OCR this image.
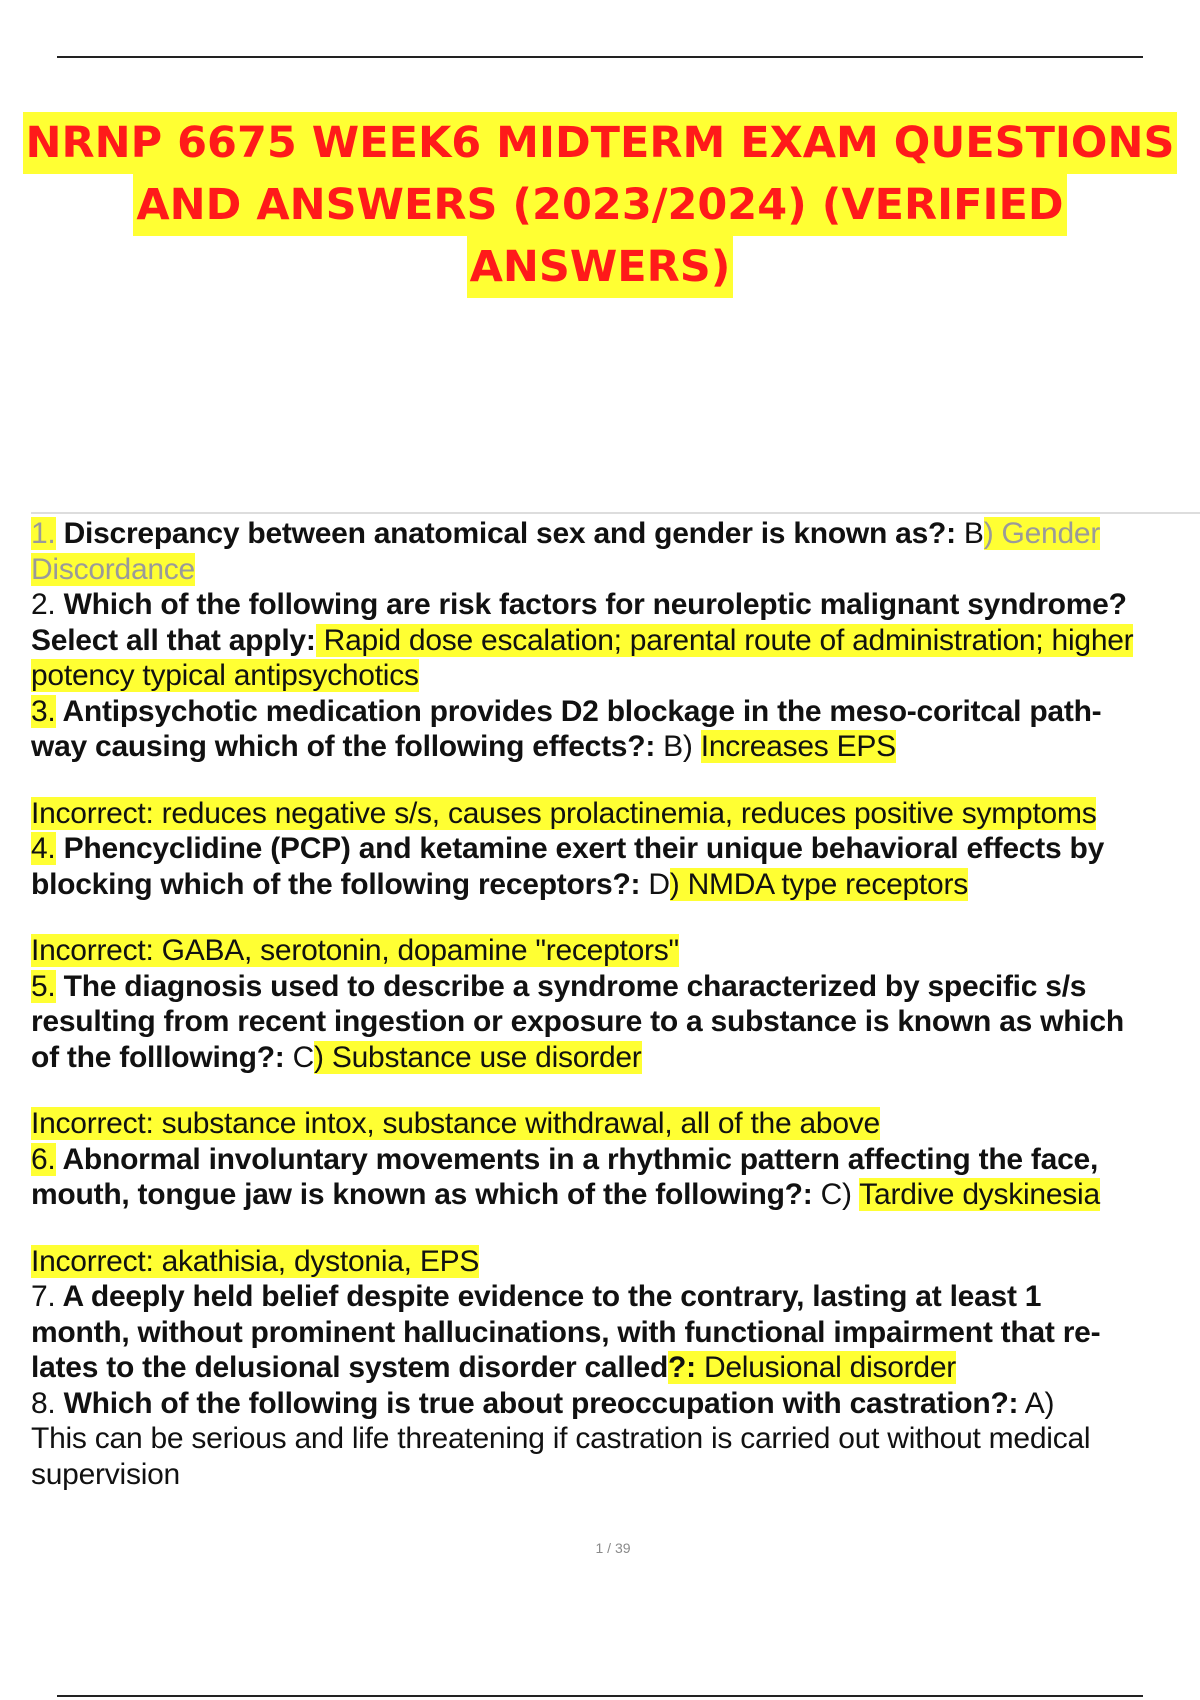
NRNP 6675 WEEK6 MIDTERM EXAM QUESTIONS
AND ANSWERS (2023/2024) (VERIFIED
ANSWERS)

1. Discrepancy between anatomical sex and gender is known as?: B) Gender

Discordance

2. Which of the following are risk factors for neuroleptic malignant syndrome?

Select all that apply: Rapid dose escalation; parental route of administration; higher

potency typical antipsychotics

3. Antipsychotic medication provides D2 blockage in the meso-coritcal path-

way causing which of the following effects?: B) Increases EPS

Incorrect: reduces negative s/s, causes prolactinemia, reduces positive symptoms

4. Phencyclidine (PCP) and ketamine exert their unique behavioral effects by

blocking which of the following receptors?: D) NMDA type receptors

Incorrect: GABA, serotonin, dopamine "receptors"

5. The diagnosis used to describe a syndrome characterized by specific s/s

resulting from recent ingestion or exposure to a substance is known as which

of the folllowing?: C) Substance use disorder

Incorrect: substance intox, substance withdrawal, all of the above

6. Abnormal involuntary movements in a rhythmic pattern affecting the face,

mouth, tongue jaw is known as which of the following?: C) Tardive dyskinesia

Incorrect: akathisia, dystonia, EPS

7. A deeply held belief despite evidence to the contrary, lasting at least 1

month, without prominent hallucinations, with functional impairment that re-

lates to the delusional system disorder called?: Delusional disorder

8. Which of the following is true about preoccupation with castration?: A)

This can be serious and life threatening if castration is carried out without medical

supervision

1 / 39
